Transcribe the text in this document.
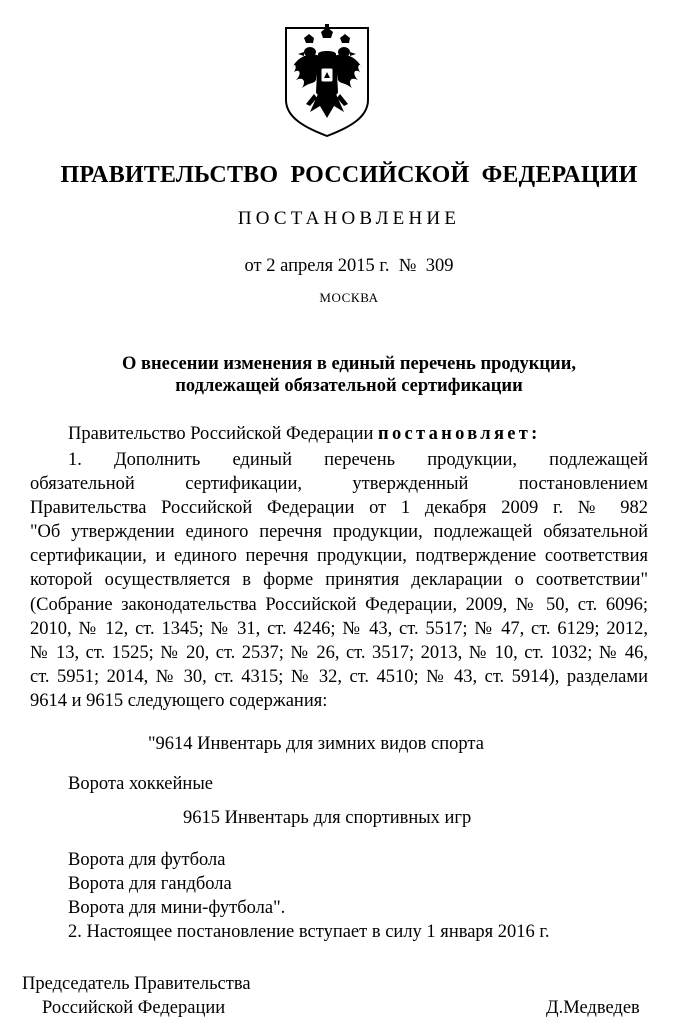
ПРАВИТЕЛЬСТВО РОССИЙСКОЙ ФЕДЕРАЦИИ
ПОСТАНОВЛЕНИЕ
от 2 апреля 2015 г.  №  309
МОСКВА
О внесении изменения в единый перечень продукции,
подлежащей обязательной сертификации
Правительство Российской Федерации постановляет:
1. Дополнить единый перечень продукции, подлежащей
обязательной сертификации, утвержденный постановлением
Правительства Российской Федерации от 1 декабря 2009 г. № 982
"Об утверждении единого перечня продукции, подлежащей обязательной
сертификации, и единого перечня продукции, подтверждение соответствия
которой осуществляется в форме принятия декларации о соответствии"
(Собрание законодательства Российской Федерации, 2009, № 50, ст. 6096;
2010, № 12, ст. 1345; № 31, ст. 4246; № 43, ст. 5517; № 47, ст. 6129; 2012,
№ 13, ст. 1525; № 20, ст. 2537; № 26, ст. 3517; 2013, № 10, ст. 1032; № 46,
ст. 5951; 2014, № 30, ст. 4315; № 32, ст. 4510; № 43, ст. 5914), разделами
9614 и 9615 следующего содержания:
"9614 Инвентарь для зимних видов спорта
Ворота хоккейные
9615 Инвентарь для спортивных игр
Ворота для футбола
Ворота для гандбола
Ворота для мини-футбола".
2. Настоящее постановление вступает в силу 1 января 2016 г.
Председатель Правительства
Российской Федерации	Д.Медведев
